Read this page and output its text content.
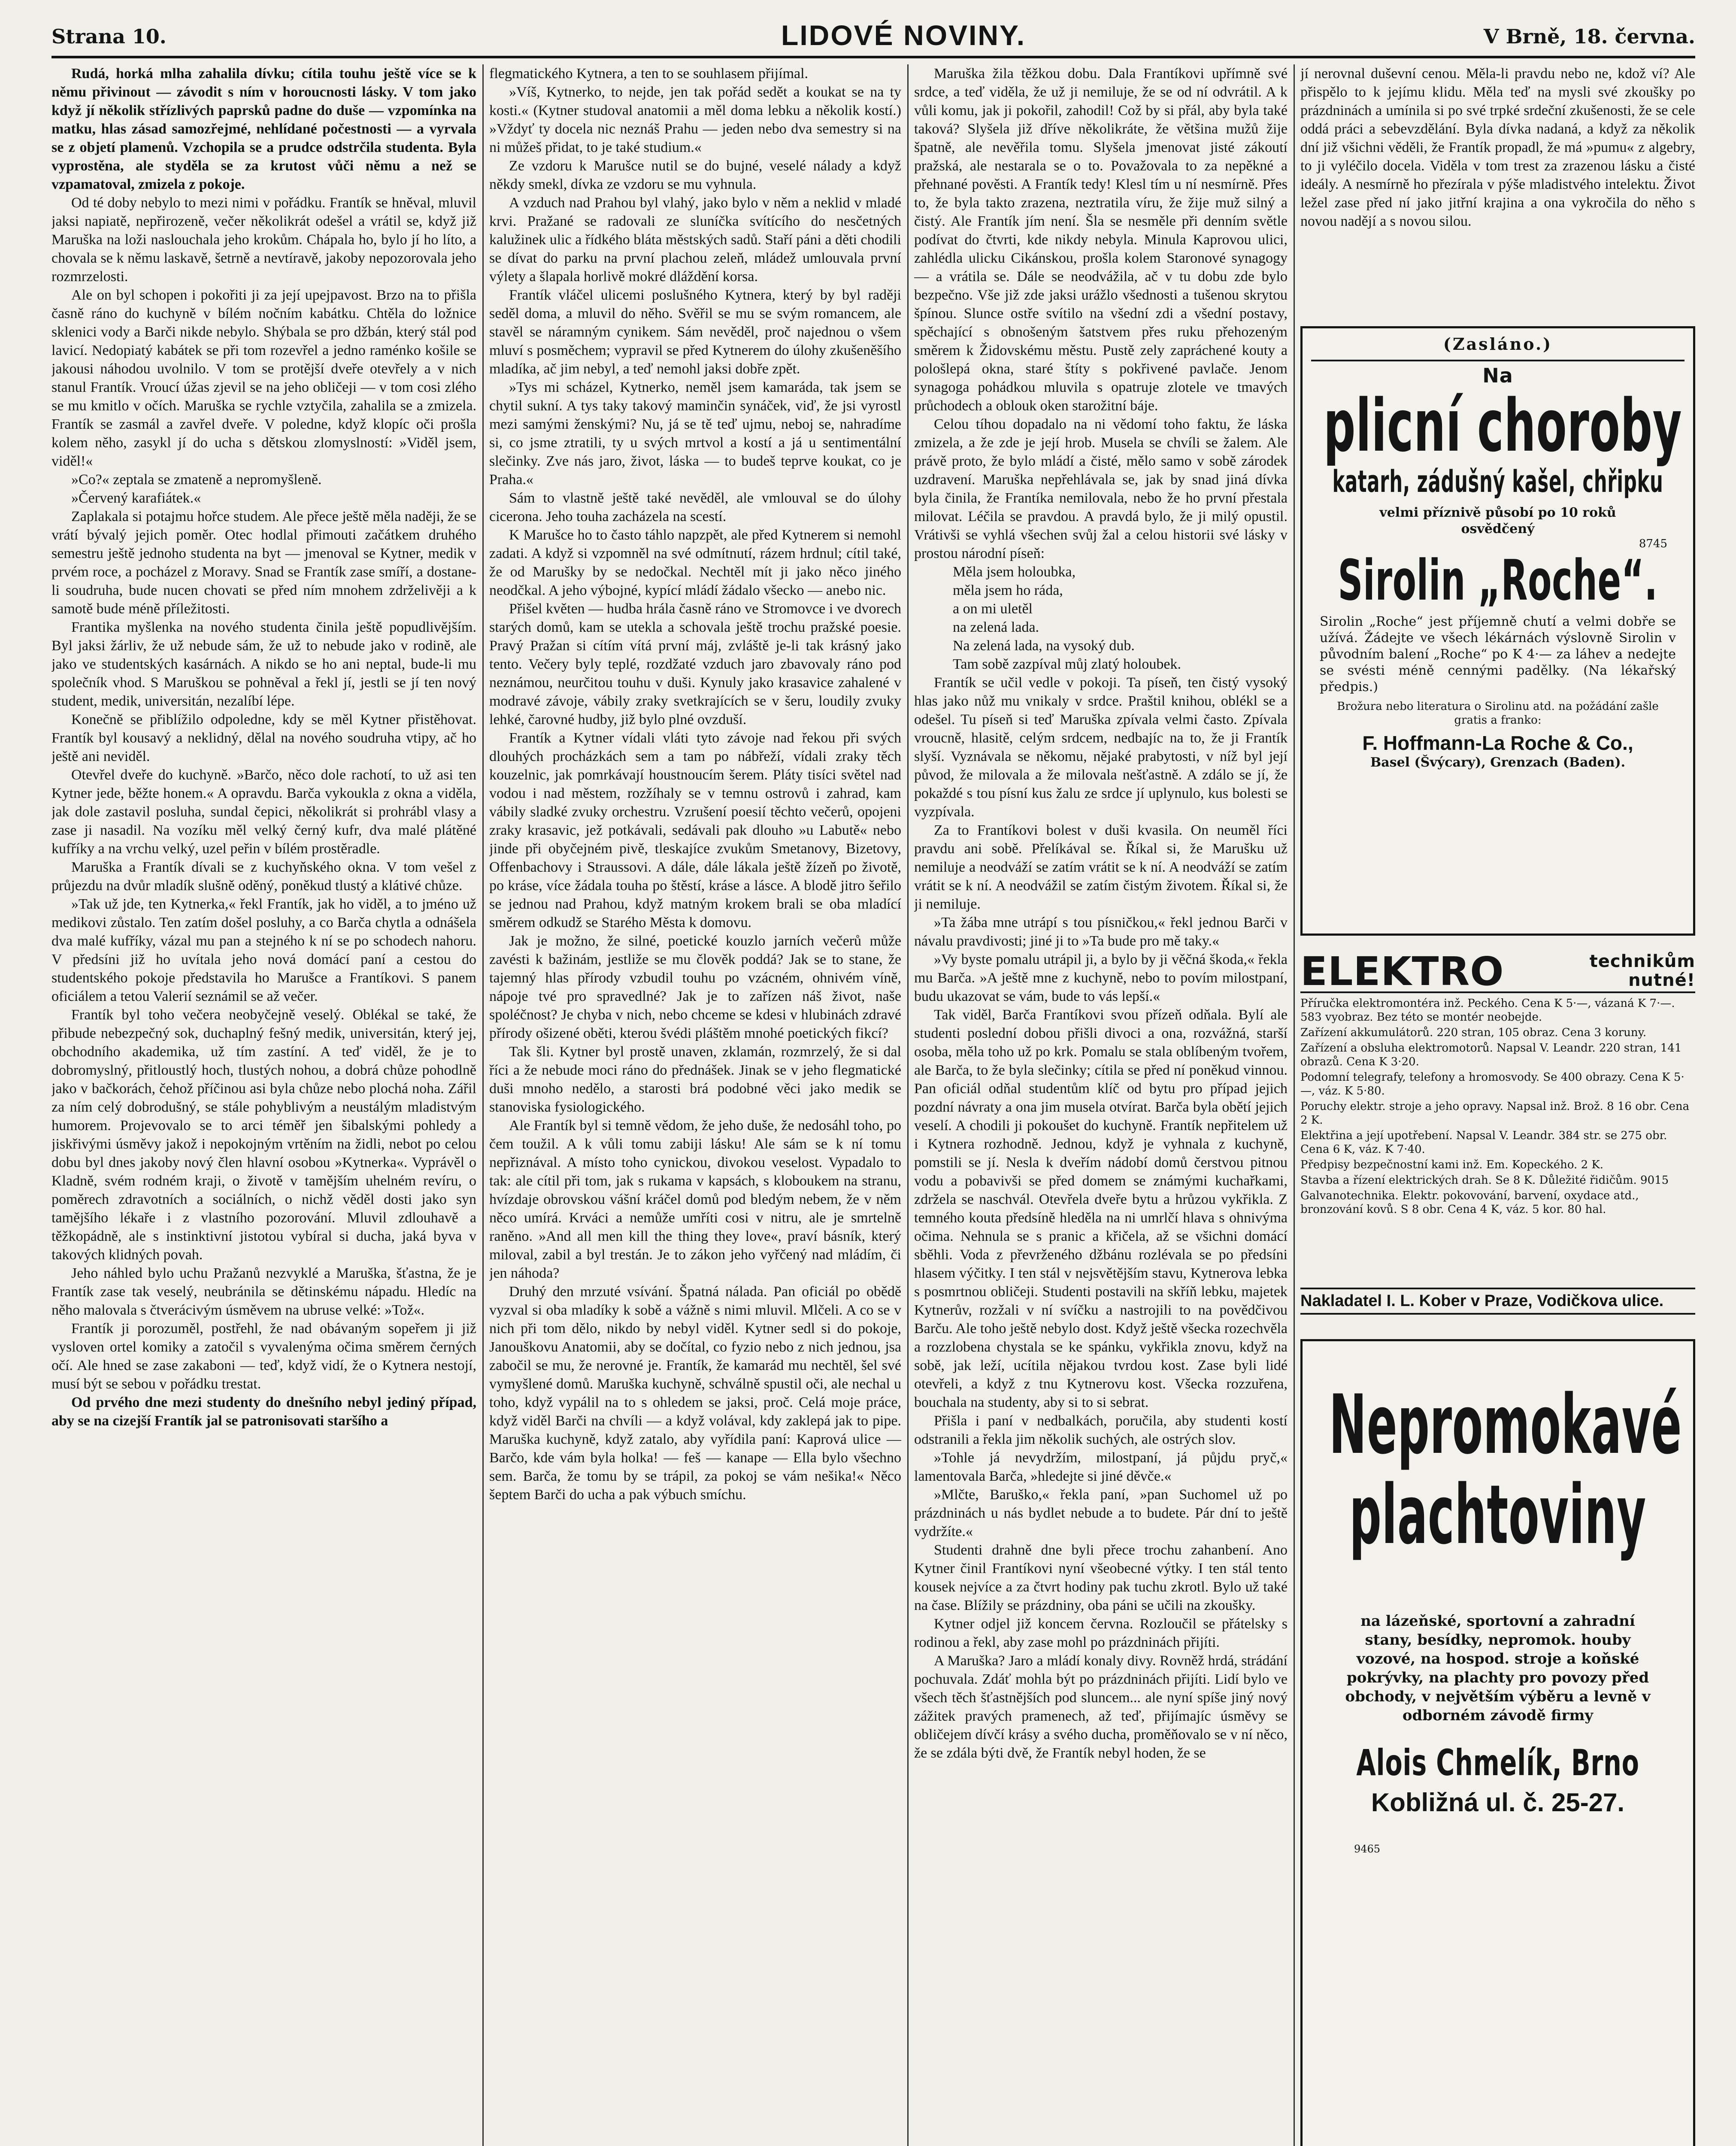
Strana 10.	LIDOVÉ NOVINY.	V Brně, 18. června.

Rudá, horká mlha zahalila dívku; cítila touhu ještě více se k němu přivinout — závodit s ním v horoucnosti lásky. V tom jako když jí několik střízlivých paprsků padne do duše — vzpomínka na matku, hlas zásad samozřejmé, nehlídané počestnosti — a vyrvala se z objetí plamenů. Vzchopila se a prudce odstrčila studenta. Byla vyprostěna, ale styděla se za krutost vůči němu a než se vzpamatoval, zmizela z pokoje.

Od té doby nebylo to mezi nimi v pořádku. Frantík se hněval, mluvil jaksi napiatě, nepřirozeně, večer několikrát odešel a vrátil se, když již Maruška na loži naslouchala jeho krokům. Chápala ho, bylo jí ho líto, a chovala se k němu laskavě, šetrně a nevtíravě, jakoby nepozorovala jeho rozmrzelosti.

Ale on byl schopen i pokořiti ji za její upejpavost. Brzo na to přišla časně ráno do kuchyně v bílém nočním kabátku. Chtěla do ložnice sklenici vody a Barči nikde nebylo. Shýbala se pro džbán, který stál pod lavicí. Nedopiatý kabátek se při tom rozevřel a jedno raménko košile se jakousi náhodou uvolnilo. V tom se protější dveře otevřely a v nich stanul Frantík. Vroucí úžas zjevil se na jeho obličeji — v tom cosi zlého se mu kmitlo v očích. Maruška se rychle vztyčila, zahalila se a zmizela. Frantík se zasmál a zavřel dveře. V poledne, když klopíc oči prošla kolem něho, zasykl jí do ucha s dětskou zlomyslností: »Viděl jsem, viděl!«

»Co?« zeptala se zmateně a nepromyšleně.

»Červený karafiátek.«

Zaplakala si potajmu hořce studem. Ale přece ještě měla naději, že se vrátí bývalý jejich poměr. Otec hodlal přimouti začátkem druhého semestru ještě jednoho studenta na byt — jmenoval se Kytner, medik v prvém roce, a pocházel z Moravy. Snad se Frantík zase smíří, a dostane-li soudruha, bude nucen chovati se před ním mnohem zdrželivěji a k samotě bude méně příležitosti.

Frantika myšlenka na nového studenta činila ještě popudlivějším. Byl jaksi žárliv, že už nebude sám, že už to nebude jako v rodině, ale jako ve studentských kasárnách. A nikdo se ho ani neptal, bude-li mu společník vhod. S Maruškou se pohněval a řekl jí, jestli se jí ten nový student, medik, universitán, nezalíbí lépe.

Konečně se přiblížilo odpoledne, kdy se měl Kytner přistěhovat. Frantík byl kousavý a neklidný, dělal na nového soudruha vtipy, ač ho ještě ani neviděl.

Otevřel dveře do kuchyně. »Barčo, něco dole rachotí, to už asi ten Kytner jede, běžte honem.« A opravdu. Barča vykoukla z okna a viděla, jak dole zastavil posluha, sundal čepici, několikrát si prohrábl vlasy a zase ji nasadil. Na vozíku měl velký černý kufr, dva malé plátěné kufříky a na vrchu velký, uzel peřin v bílém prostěradle.

Maruška a Frantík dívali se z kuchyňského okna. V tom vešel z průjezdu na dvůr mladík slušně oděný, poněkud tlustý a klátivé chůze.

»Tak už jde, ten Kytnerka,« řekl Frantík, jak ho viděl, a to jméno už medikovi zůstalo. Ten zatím došel posluhy, a co Barča chytla a odnášela dva malé kufříky, vázal mu pan a stejného k ní se po schodech nahoru. V předsíni již ho uvítala jeho nová domácí paní a cestou do studentského pokoje představila ho Marušce a Frantíkovi. S panem oficiálem a tetou Valerií seznámil se až večer.

Frantík byl toho večera neobyčejně veselý. Oblékal se také, že přibude nebezpečný sok, duchaplný fešný medik, universitán, který jej, obchodního akademika, už tím zastíní. A teď viděl, že je to dobromyslný, přitloustlý hoch, tlustých nohou, a dobrá chůze pohodlně jako v bačkorách, čehož příčinou asi byla chůze nebo plochá noha. Zářil za ním celý dobrodušný, se stále pohyblivým a neustálým mladistvým humorem. Projevovalo se to arci téměř jen šibalskými pohledy a jiskřivými úsměvy jakož i nepokojným vrtěním na židli, nebot po celou dobu byl dnes jakoby nový člen hlavní osobou »Kytnerka«. Vyprávěl o Kladně, svém rodném kraji, o životě v tamějším uhelném revíru, o poměrech zdravotních a sociálních, o nichž věděl dosti jako syn tamějšího lékaře i z vlastního pozorování. Mluvil zdlouhavě a těžkopádně, ale s instinktivní jistotou vybíral si ducha, jaká byva v takových klidných povah.

Jeho náhled bylo uchu Pražanů nezvyklé a Maruška, šťastna, že je Frantík zase tak veselý, neubránila se dětinskému nápadu. Hledíc na něho malovala s čtverácivým úsměvem na ubruse velké: »Tož«.

Frantík ji porozuměl, postřehl, že nad obávaným sopeřem ji již vysloven ortel komiky a zatočil s vyvalenýma očima směrem černých očí. Ale hned se zase zakaboni — teď, když vidí, že o Kytnera nestojí, musí být se sebou v pořádku trestat.

Od prvého dne mezi studenty do dnešního nebyl jediný případ, aby se na cizejší Frantík jal se patronisovati staršího a

flegmatického Kytnera, a ten to se souhlasem přijímal.

»Víš, Kytnerko, to nejde, jen tak pořád sedět a koukat se na ty kosti.« (Kytner studoval anatomii a měl doma lebku a několik kostí.) »Vždyť ty docela nic neznáš Prahu — jeden nebo dva semestry si na ni můžeš přidat, to je také studium.«

Ze vzdoru k Marušce nutil se do bujné, veselé nálady a když někdy smekl, dívka ze vzdoru se mu vyhnula.

A vzduch nad Prahou byl vlahý, jako bylo v něm a neklid v mladé krvi. Pražané se radovali ze sluníčka svítícího do nesčetných kalužinek ulic a řídkého bláta městských sadů. Staří páni a děti chodili se dívat do parku na první plachou zeleň, mládež umlouvala první výlety a šlapala horlivě mokré dláždění korsa.

Frantík vláčel ulicemi poslušného Kytnera, který by byl raději seděl doma, a mluvil do něho. Svěřil se mu se svým romancem, ale stavěl se náramným cynikem. Sám nevěděl, proč najednou o všem mluví s posměchem; vypravil se před Kytnerem do úlohy zkušeněšího mladíka, ač jim nebyl, a teď nemohl jaksi dobře zpět.

»Tys mi scházel, Kytnerko, neměl jsem kamaráda, tak jsem se chytil sukní. A tys taky takový maminčin synáček, viď, že jsi vyrostl mezi samými ženskými? Nu, já se tě teď ujmu, neboj se, nahradíme si, co jsme ztratili, ty u svých mrtvol a kostí a já u sentimentální slečinky. Zve nás jaro, život, láska — to budeš teprve koukat, co je Praha.«

Sám to vlastně ještě také nevěděl, ale vmlouval se do úlohy cicerona. Jeho touha zacházela na scestí.

K Marušce ho to často táhlo napzpět, ale před Kytnerem si nemohl zadati. A když si vzpomněl na své odmítnutí, rázem hrdnul; cítil také, že od Marušky by se nedočkal. Nechtěl mít ji jako něco jiného neodčkal. A jeho výbojné, kypící mládí žádalo všecko — anebo nic.

Přišel květen — hudba hrála časně ráno ve Stromovce i ve dvorech starých domů, kam se utekla a schovala ještě trochu pražské poesie. Pravý Pražan si cítím vítá první máj, zvláště je-li tak krásný jako tento. Večery byly teplé, rozdžaté vzduch jaro zbavovaly ráno pod neznámou, neurčitou touhu v duši. Kynuly jako krasavice zahalené v modravé závoje, vábily zraky svetkrajících se v šeru, loudily zvuky lehké, čarovné hudby, již bylo plné ovzduší.

Frantík a Kytner vídali vláti tyto závoje nad řekou při svých dlouhých procházkách sem a tam po nábřeží, vídali zraky těch kouzelnic, jak pomrkávají houstnoucím šerem. Pláty tisíci světel nad vodou i nad městem, rozžíhaly se v temnu ostrovů i zahrad, kam vábily sladké zvuky orchestru. Vzrušení poesií těchto večerů, opojeni zraky krasavic, jež potkávali, sedávali pak dlouho »u Labutě« nebo jinde při obyčejném pivě, tleskajíce zvukům Smetanovy, Bizetovy, Offenbachovy i Straussovi. A dále, dále lákala ještě žízeň po životě, po kráse, více žádala touha po štěstí, kráse a lásce. A blodě jitro šeřilo se jednou nad Prahou, když matným krokem brali se oba mladící směrem odkudž se Starého Města k domovu.

Jak je možno, že silné, poetické kouzlo jarních večerů může zavésti k bažinám, jestliže se mu člověk poddá? Jak se to stane, že tajemný hlas přírody vzbudil touhu po vzácném, ohnivém víně, nápoje tvé pro spravedlné? Jak je to zařízen náš život, naše spoléčnost? Je chyba v nich, nebo chceme se kdesi v hlubinách zdravé přírody ošizené oběti, kterou švédi pláštěm mnohé poetických fikcí?

Tak šli. Kytner byl prostě unaven, zklamán, rozmrzelý, že si dal říci a že nebude moci ráno do přednášek. Jinak se v jeho flegmatické duši mnoho nedělo, a starosti brá podobné věci jako medik se stanoviska fysiologického.

Ale Frantík byl si temně vědom, že jeho duše, že nedosáhl toho, po čem toužil. A k vůli tomu zabiji lásku! Ale sám se k ní tomu nepřiznával. A místo toho cynickou, divokou veselost. Vypadalo to tak: ale cítil při tom, jak s rukama v kapsách, s kloboukem na stranu, hvízdaje obrovskou vášní kráčel domů pod bledým nebem, že v něm něco umírá. Krváci a nemůže umříti cosi v nitru, ale je smrtelně raněno. »And all men kill the thing they love«, praví básník, který miloval, zabil a byl trestán. Je to zákon jeho vyřčený nad mládím, či jen náhoda?

Druhý den mrzuté vsívání. Špatná nálada. Pan oficiál po obědě vyzval si oba mladíky k sobě a vážně s nimi mluvil. Mlčeli. A co se v nich při tom dělo, nikdo by nebyl viděl. Kytner sedl si do pokoje, Janouškovu Anatomii, aby se dočítal, co fyzio nebo z nich jednou, jsa zabočil se mu, že nerovné je. Frantík, že kamarád mu nechtěl, šel své vymyšlené domů. Maruška kuchyně, schválně spustil oči, ale nechal u toho, když vypálil na to s ohledem se jaksi, proč. Celá moje práce, když viděl Barči na chvíli — a když volával, kdy zaklepá jak to pipe. Maruška kuchyně, když zatalo, aby vyřídila paní: Kaprová ulice — Barčo, kde vám byla holka! — feš — kanape — Ella bylo všechno sem. Barča, že tomu by se trápil, za pokoj se vám nešika!« Něco šeptem Barči do ucha a pak výbuch smíchu.

Maruška žila těžkou dobu. Dala Frantíkovi upřímně své srdce, a teď viděla, že už ji nemiluje, že se od ní odvrátil. A k vůli komu, jak ji pokořil, zahodil! Což by si přál, aby byla také taková? Slyšela již dříve několikráte, že většina mužů žije špatně, ale nevěřila tomu. Slyšela jmenovat jisté zákoutí pražská, ale nestarala se o to. Považovala to za nepěkné a přehnané pověsti. A Frantík tedy! Klesl tím u ní nesmírně. Přes to, že byla takto zrazena, neztratila víru, že žije muž silný a čistý. Ale Frantík jím není. Šla se nesměle při denním světle podívat do čtvrti, kde nikdy nebyla. Minula Kaprovou ulici, zahlédla ulicku Cikánskou, prošla kolem Staronové synagogy — a vrátila se. Dále se neodvážila, ač v tu dobu zde bylo bezpečno. Vše již zde jaksi urážlo všednosti a tušenou skrytou špínou. Slunce ostře svítilo na všední zdi a všední postavy, spěchající s obnošeným šatstvem přes ruku přehozeným směrem k Židovskému městu. Pustě zely zapráchené kouty a pološlepá okna, staré štíty s pokřivené pavlače. Jenom synagoga pohádkou mluvila s opatruje zlotele ve tmavých průchodech a oblouk oken starožitní báje.

Celou tíhou dopadalo na ni vědomí toho faktu, že láska zmizela, a že zde je její hrob. Musela se chvíli se žalem. Ale právě proto, že bylo mládí a čisté, mělo samo v sobě zárodek uzdravení. Maruška nepřehlávala se, jak by snad jiná dívka byla činila, že Frantíka nemilovala, nebo že ho první přestala milovat. Léčila se pravdou. A pravdá bylo, že ji milý opustil. Vrátivši se vyhlá všechen svůj žal a celou historii své lásky v prostou národní píseň:

Měla jsem holoubka,

měla jsem ho ráda,

a on mi uletěl

na zelená lada.

Na zelená lada, na vysoký dub.

Tam sobě zazpíval můj zlatý holoubek.

Frantík se učil vedle v pokoji. Ta píseň, ten čistý vysoký hlas jako nůž mu vnikaly v srdce. Praštil knihou, oblékl se a odešel. Tu píseň si teď Maruška zpívala velmi často. Zpívala vroucně, hlasitě, celým srdcem, nedbajíc na to, že ji Frantík slyší. Vyznávala se někomu, nějaké prabytosti, v níž byl její původ, že milovala a že milovala nešťastně. A zdálo se jí, že pokaždé s tou písní kus žalu ze srdce jí uplynulo, kus bolesti se vyzpívala.

Za to Frantíkovi bolest v duši kvasila. On neuměl říci pravdu ani sobě. Přelíkával se. Říkal si, že Marušku už nemiluje a neodváží se zatím vrátit se k ní. A neodváží se zatím vrátit se k ní. A neodvážil se zatím čistým životem. Říkal si, že ji nemiluje.

»Ta žába mne utrápí s tou písničkou,« řekl jednou Barči v návalu pravdivosti; jiné ji to »Ta bude pro mě taky.«

»Vy byste pomalu utrápil ji, a bylo by ji věčná škoda,« řekla mu Barča. »A ještě mne z kuchyně, nebo to povím milostpaní, budu ukazovat se vám, bude to vás lepší.«

Tak viděl, Barča Frantíkovi svou přízeň odňala. Bylí ale studenti poslední dobou přišli divoci a ona, rozvážná, starší osoba, měla toho už po krk. Pomalu se stala oblíbeným tvořem, ale Barča, to že byla slečinky; cítila se před ní poněkud vinnou. Pan oficiál odňal studentům klíč od bytu pro případ jejich pozdní návraty a ona jim musela otvírat. Barča byla obětí jejich veselí. A chodili ji pokoušet do kuchyně. Frantík nepřitelem už i Kytnera rozhodně. Jednou, když je vyhnala z kuchyně, pomstili se jí. Nesla k dveřím nádobí domů čerstvou pitnou vodu a pobavivši se před domem se známými kuchařkami, zdržela se naschvál. Otevřela dveře bytu a hrůzou vykřikla. Z temného kouta předsíně hleděla na ni umrlčí hlava s ohnivýma očima. Nehnula se s pranic a křičela, až se všichni domácí sběhli. Voda z převrženého džbánu rozlévala se po předsíni hlasem výčitky. I ten stál v nejsvětějším stavu, Kytnerova lebka s posmrtnou obličeji. Studenti postavili na skříň lebku, majetek Kytnerův, rozžali v ní svíčku a nastrojili to na povědčivou Barču. Ale toho ještě nebylo dost. Když ještě všecka rozechvěla a rozzlobena chystala se ke spánku, vykřikla znovu, když na sobě, jak leží, ucítila nějakou tvrdou kost. Zase byli lidé otevřeli, a když z tnu Kytnerovu kost. Všecka rozzuřena, bouchala na studenty, aby si to si sebrat.

Přišla i paní v nedbalkách, poručila, aby studenti kostí odstranili a řekla jim několik suchých, ale ostrých slov.

»Tohle já nevydržím, milostpaní, já půjdu pryč,« lamentovala Barča, »hledejte si jiné děvče.«

»Mlčte, Baruško,« řekla paní, »pan Suchomel už po prázdninách u nás bydlet nebude a to budete. Pár dní to ještě vydržíte.«

Studenti drahně dne byli přece trochu zahanbení. Ano Kytner činil Frantíkovi nyní všeobecné výtky. I ten stál tento kousek nejvíce a za čtvrt hodiny pak tuchu zkrotl. Bylo už také na čase. Blížily se prázdniny, oba páni se učili na zkoušky.

Kytner odjel již koncem června. Rozloučil se přátelsky s rodinou a řekl, aby zase mohl po prázdninách přijíti.

A Maruška? Jaro a mládí konaly divy. Rovněž hrdá, strádání pochuvala. Zdáť mohla být po prázdninách přijíti. Lidí bylo ve všech těch šťastnějších pod sluncem... ale nyní spíše jiný nový zážitek pravých pramenech, až teď, přijímajíc úsměvy se obličejem dívčí krásy a svého ducha, proměňovalo se v ní něco, že se zdála býti dvě, že Frantík nebyl hoden, že se

jí nerovnal duševní cenou. Měla-li pravdu nebo ne, kdož ví? Ale přispělo to k jejímu klidu. Měla teď na mysli své zkoušky po prázdninách a umínila si po své trpké srdeční zkušenosti, že se cele oddá práci a sebevzdělání. Byla dívka nadaná, a když za několik dní již všichni věděli, že Frantík propadl, že má »pumu« z algebry, to ji vyléčilo docela. Viděla v tom trest za zrazenou lásku a čisté ideály. A nesmírně ho přezírala v pýše mladistvého intelektu. Život ležel zase před ní jako jitřní krajina a ona vykročila do něho s novou nadějí a s novou silou.

(Zasláno.)
Na
plicní choroby
katarh, zádušný kašel, chřipku
velmi příznivě působí po 10 roků osvědčený
8745
Sirolin „Roche“.
Sirolin „Roche“ jest příjemně chutí a velmi dobře se užívá. Žádejte ve všech lékárnách výslovně Sirolin v původním balení „Roche“ po K 4·— za láhev a nedejte se svésti méně cennými padělky. (Na lékařský předpis.)
Brožura nebo literatura o Sirolinu atd. na požádání zašle gratis a franko:
F. Hoffmann-La Roche & Co.,
Basel (Švýcary), Grenzach (Baden).
ELEKTRO	technikům nutné!
Příručka elektromontéra inž. Peckého. Cena K 5·—, vázaná K 7·—. 583 vyobraz. Bez této se montér neobejde.
Zařízení akkumulátorů. 220 stran, 105 obraz. Cena 3 koruny.
Zařízení a obsluha elektromotorů. Napsal V. Leandr. 220 stran, 141 obrazů. Cena K 3·20.
Podomní telegrafy, telefony a hromosvody. Se 400 obrazy. Cena K 5·—, váz. K 5·80.
Poruchy elektr. stroje a jeho opravy. Napsal inž. Brož. 8 16 obr. Cena 2 K.
Elektřina a její upotřebení. Napsal V. Leandr. 384 str. se 275 obr. Cena 6 K, váz. K 7·40.
Předpisy bezpečnostní kami inž. Em. Kopeckého. 2 K.
Stavba a řízení elektrických drah. Se 8 K. Důležité řidičům. 9015
Galvanotechnika. Elektr. pokovování, barvení, oxydace atd., bronzování kovů. S 8 obr. Cena 4 K, váz. 5 kor. 80 hal.
Nakladatel I. L. Kober v Praze, Vodičkova ulice.
Nepromokavé plachtoviny
na lázeňské, sportovní a zahradní stany, besídky, nepromok. houby vozové, na hospod. stroje a koňské pokrývky, na plachty pro povozy před obchody, v největším výběru a levně v odborném závodě firmy
Alois Chmelík, Brno
Kobližná ul. č. 25-27.
9465
